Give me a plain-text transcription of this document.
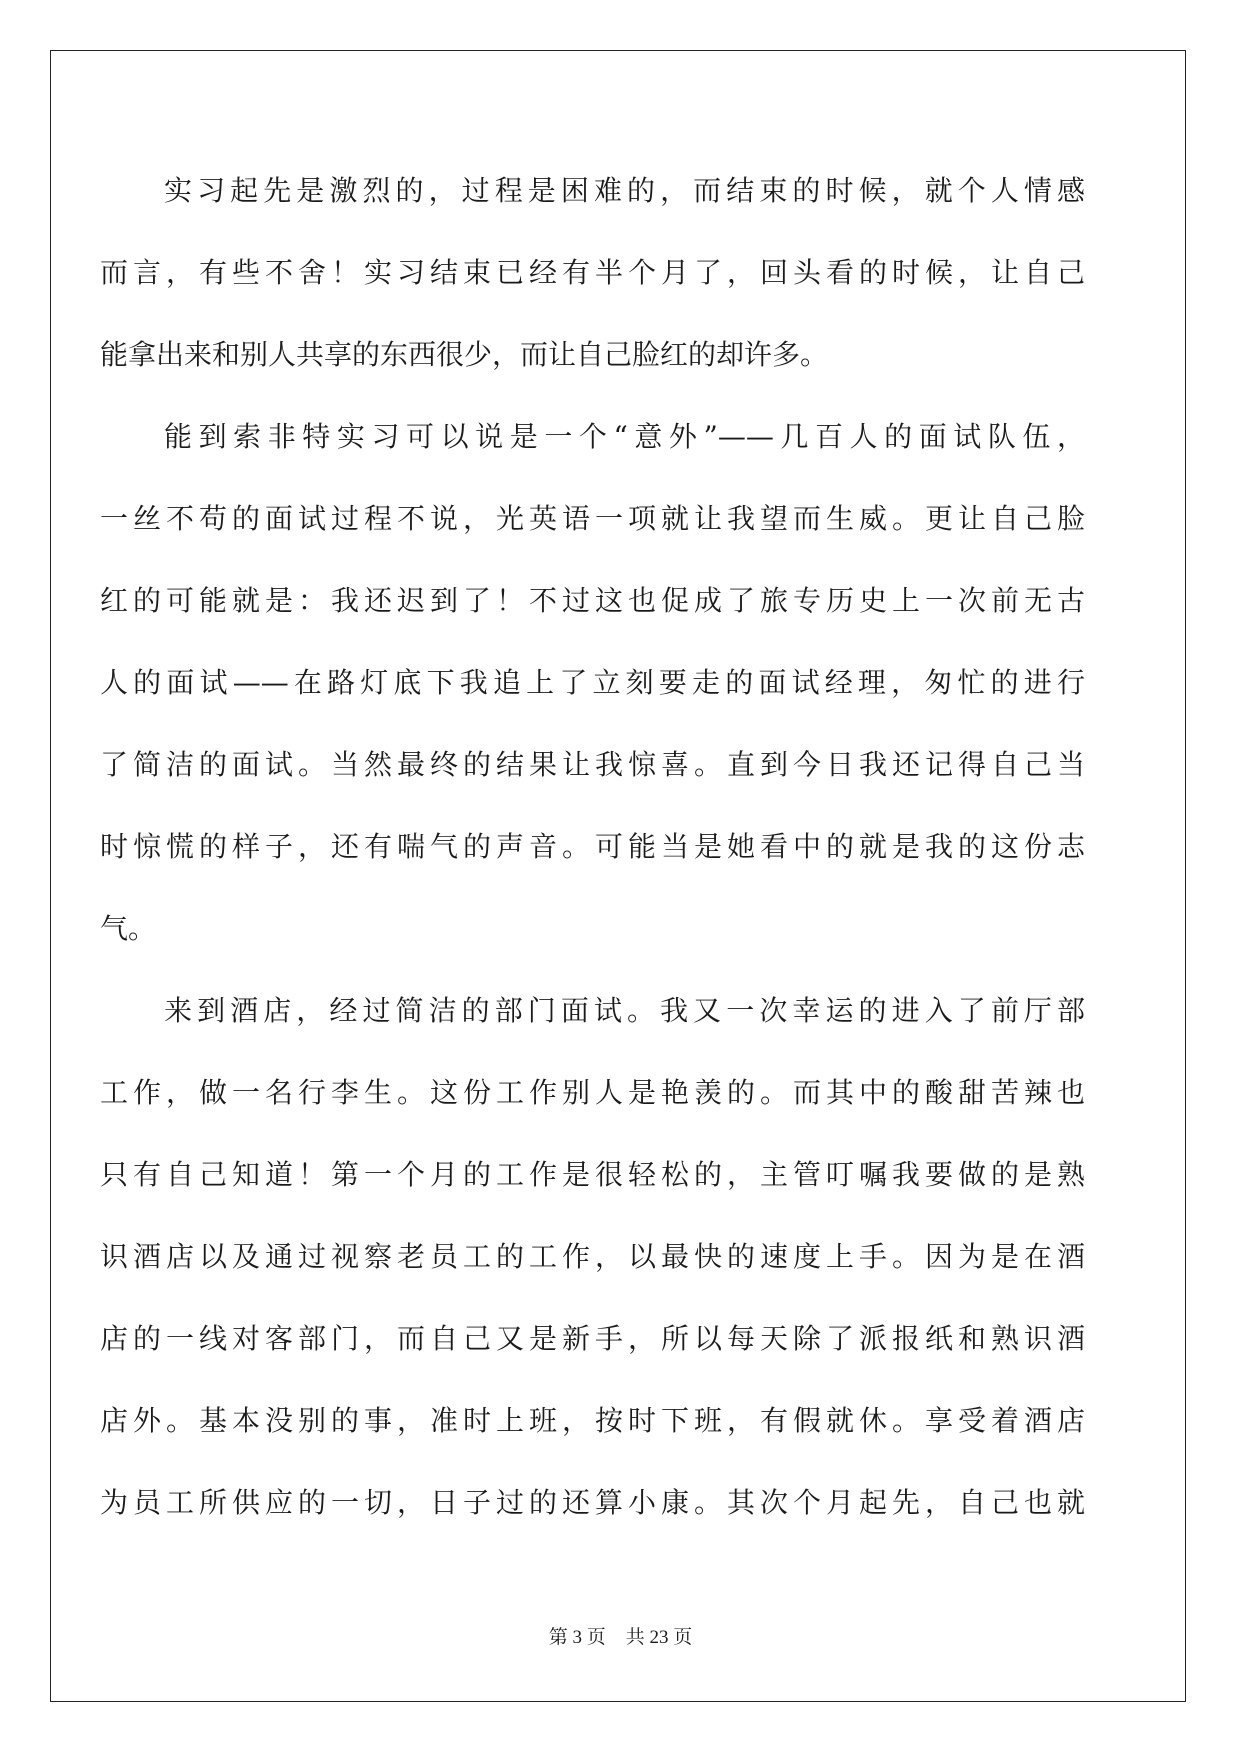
实习起先是激烈的，过程是困难的，而结束的时候，就个人情感
而言，有些不舍！实习结束已经有半个月了，回头看的时候，让自己
能拿出来和别人共享的东西很少，而让自己脸红的却许多。
能到索非特实习可以说是一个“意外”——几百人的面试队伍，
一丝不苟的面试过程不说，光英语一项就让我望而生威。更让自己脸
红的可能就是：我还迟到了！不过这也促成了旅专历史上一次前无古
人的面试——在路灯底下我追上了立刻要走的面试经理，匆忙的进行
了简洁的面试。当然最终的结果让我惊喜。直到今日我还记得自己当
时惊慌的样子，还有喘气的声音。可能当是她看中的就是我的这份志
气。
来到酒店，经过简洁的部门面试。我又一次幸运的进入了前厅部
工作，做一名行李生。这份工作别人是艳羡的。而其中的酸甜苦辣也
只有自己知道！第一个月的工作是很轻松的，主管叮嘱我要做的是熟
识酒店以及通过视察老员工的工作，以最快的速度上手。因为是在酒
店的一线对客部门，而自己又是新手，所以每天除了派报纸和熟识酒
店外。基本没别的事，准时上班，按时下班，有假就休。享受着酒店
为员工所供应的一切，日子过的还算小康。其次个月起先，自己也就
第 3 页 共 23 页
